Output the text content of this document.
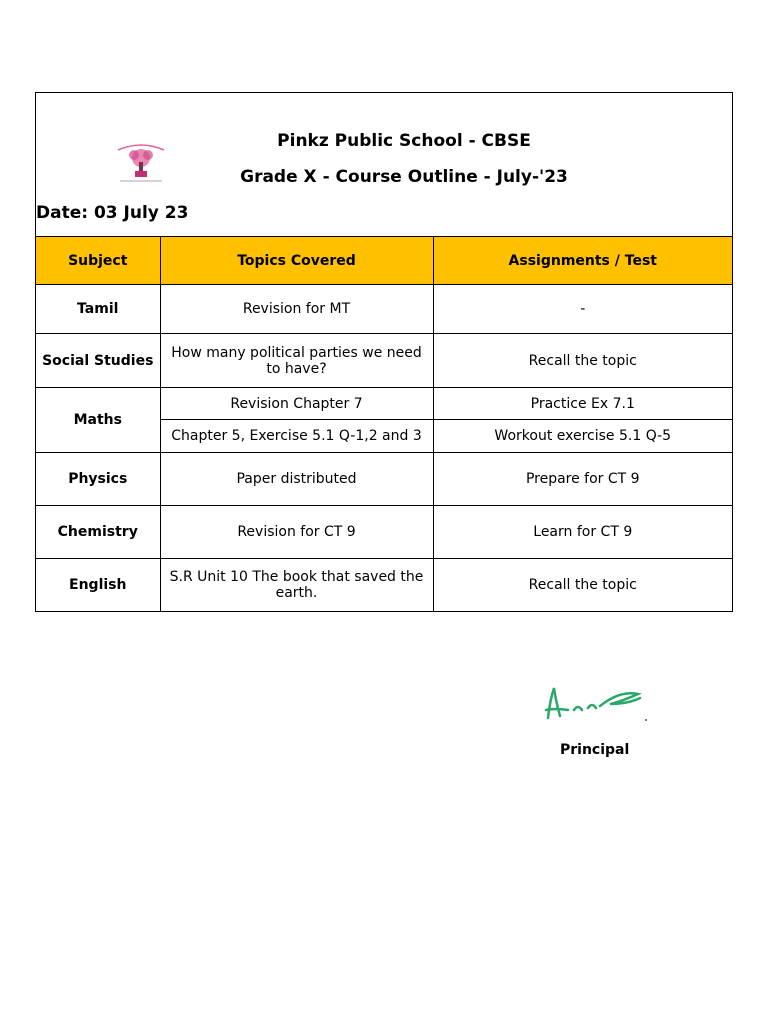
Pinkz Public School - CBSE
Grade X - Course Outline - July-'23
Date: 03 July 23
Subject	Topics Covered	Assignments / Test
Tamil	Revision for MT	-
Social Studies	How many political parties we need to have?	Recall the topic
Maths	Revision Chapter 7	Practice Ex 7.1
	Chapter 5, Exercise 5.1 Q-1,2 and 3	Workout exercise 5.1 Q-5
Physics	Paper distributed	Prepare for CT 9
Chemistry	Revision for CT 9	Learn for CT 9
English	S.R Unit 10 The book that saved the earth.	Recall the topic
Principal
